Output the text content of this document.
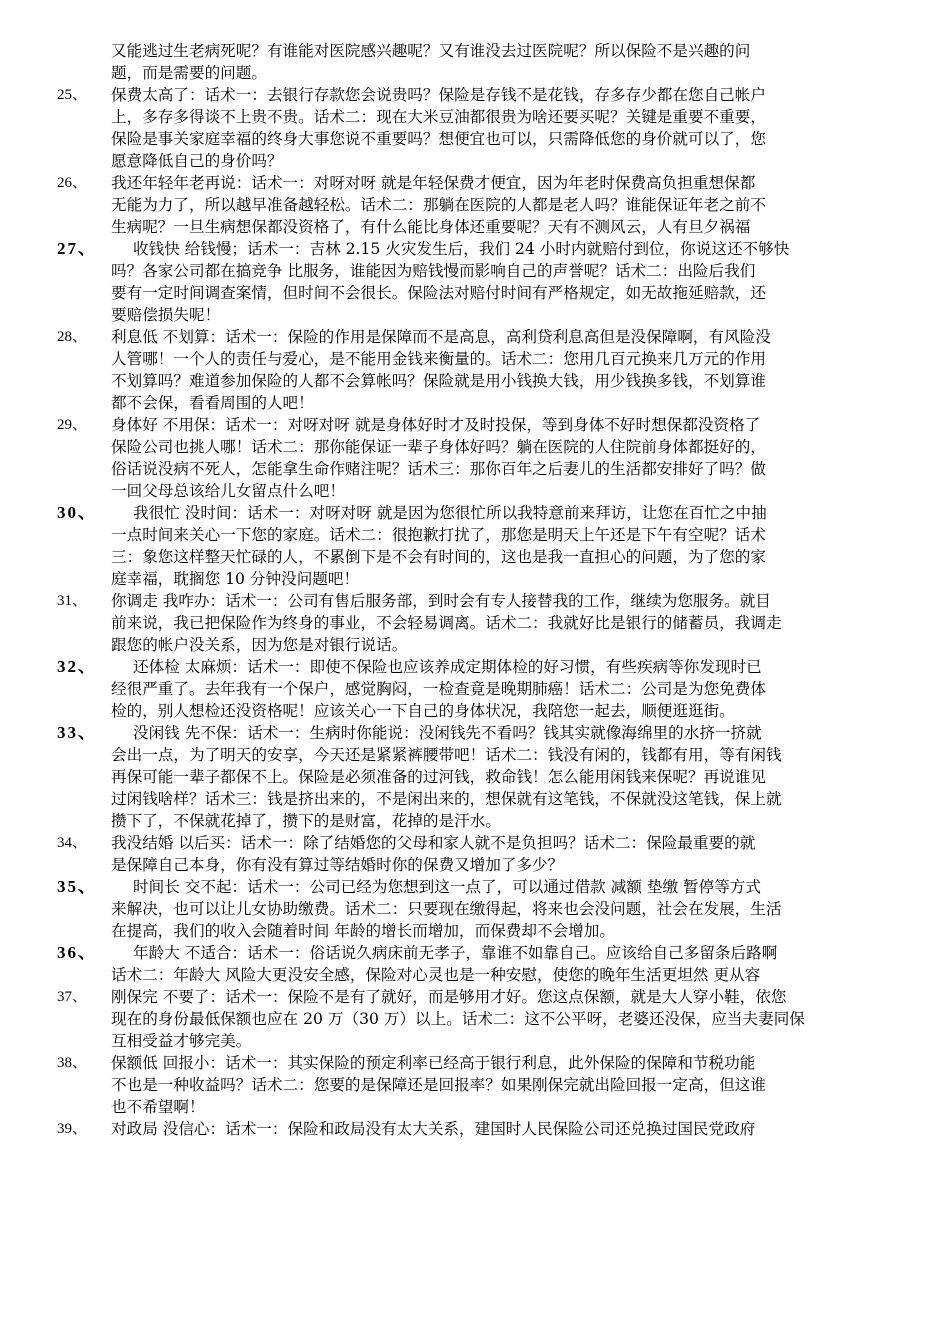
又能逃过生老病死呢？有谁能对医院感兴趣呢？又有谁没去过医院呢？所以保险不是兴趣的问
题，而是需要的问题。
25、 保费太高了：话术一：去银行存款您会说贵吗？保险是存钱不是花钱，存多存少都在您自己帐户
上，多存多得谈不上贵不贵。话术二：现在大米豆油都很贵为啥还要买呢？关键是重要不重要，
保险是事关家庭幸福的终身大事您说不重要吗？想便宜也可以，只需降低您的身价就可以了，您
愿意降低自己的身价吗？
26、 我还年轻年老再说：话术一：对呀对呀 就是年轻保费才便宜，因为年老时保费高负担重想保都
无能为力了，所以越早准备越轻松。话术二：那躺在医院的人都是老人吗？谁能保证年老之前不
生病呢？一旦生病想保都没资格了，有什么能比身体还重要呢？天有不测风云，人有旦夕祸福
27、	收钱快 给钱慢；话术一：吉林 2.15 火灾发生后，我们 24 小时内就赔付到位，你说这还不够快
吗？各家公司都在搞竞争 比服务，谁能因为赔钱慢而影响自己的声誉呢？话术二：出险后我们
要有一定时间调查案情，但时间不会很长。保险法对赔付时间有严格规定，如无故拖延赔款，还
要赔偿损失呢！
28、 利息低 不划算：话术一：保险的作用是保障而不是高息，高利贷利息高但是没保障啊，有风险没
人管哪！一个人的责任与爱心，是不能用金钱来衡量的。话术二：您用几百元换来几万元的作用
不划算吗？难道参加保险的人都不会算帐吗？保险就是用小钱换大钱，用少钱换多钱，不划算谁
都不会保，看看周围的人吧！
29、 身体好 不用保：话术一：对呀对呀 就是身体好时才及时投保，等到身体不好时想保都没资格了
保险公司也挑人哪！话术二：那你能保证一辈子身体好吗？躺在医院的人住院前身体都挺好的，
俗话说没病不死人，怎能拿生命作赌注呢？话术三：那你百年之后妻儿的生活都安排好了吗？做
一回父母总该给儿女留点什么吧！
30、	我很忙 没时间：话术一：对呀对呀 就是因为您很忙所以我特意前来拜访，让您在百忙之中抽
一点时间来关心一下您的家庭。话术二：很抱歉打扰了，那您是明天上午还是下午有空呢？话术
三：象您这样整天忙碌的人，不累倒下是不会有时间的，这也是我一直担心的问题，为了您的家
庭幸福，耽搁您 10 分钟没问题吧！
31、 你调走 我咋办：话术一：公司有售后服务部，到时会有专人接替我的工作，继续为您服务。就目
前来说，我已把保险作为终身的事业，不会轻易调离。话术二：我就好比是银行的储蓄员，我调走
跟您的帐户没关系，因为您是对银行说话。
32、	还体检 太麻烦：话术一：即使不保险也应该养成定期体检的好习惯，有些疾病等你发现时已
经很严重了。去年我有一个保户，感觉胸闷，一检查竟是晚期肺癌！话术二：公司是为您免费体
检的，别人想检还没资格呢！应该关心一下自己的身体状况，我陪您一起去，顺便逛逛街。
33、	没闲钱 先不保：话术一：生病时你能说：没闲钱先不看吗？钱其实就像海绵里的水挤一挤就
会出一点，为了明天的安享，今天还是紧紧裤腰带吧！话术二：钱没有闲的，钱都有用，等有闲钱
再保可能一辈子都保不上。保险是必须准备的过河钱，救命钱！怎么能用闲钱来保呢？再说谁见
过闲钱啥样？话术三：钱是挤出来的，不是闲出来的，想保就有这笔钱，不保就没这笔钱，保上就
攒下了，不保就花掉了，攒下的是财富，花掉的是汗水。
34、 我没结婚 以后买：话术一：除了结婚您的父母和家人就不是负担吗？话术二：保险最重要的就
是保障自己本身，你有没有算过等结婚时你的保费又增加了多少？
35、	时间长 交不起：话术一：公司已经为您想到这一点了，可以通过借款 减额 垫缴 暂停等方式
来解决，也可以让儿女协助缴费。话术二：只要现在缴得起，将来也会没问题，社会在发展，生活
在提高，我们的收入会随着时间 年龄的增长而增加，而保费却不会增加。
36、	年龄大 不适合：话术一：俗话说久病床前无孝子，靠谁不如靠自己。应该给自己多留条后路啊
话术二：年龄大 风险大更没安全感，保险对心灵也是一种安慰，使您的晚年生活更坦然 更从容
37、 刚保完 不要了：话术一：保险不是有了就好，而是够用才好。您这点保额，就是大人穿小鞋，依您
现在的身份最低保额也应在 20 万（30 万）以上。话术二：这不公平呀，老婆还没保，应当夫妻同保
互相受益才够完美。
38、 保额低 回报小：话术一：其实保险的预定利率已经高于银行利息，此外保险的保障和节税功能
不也是一种收益吗？话术二：您要的是保障还是回报率？如果刚保完就出险回报一定高，但这谁
也不希望啊！
39、 对政局 没信心：话术一：保险和政局没有太大关系，建国时人民保险公司还兑换过国民党政府
